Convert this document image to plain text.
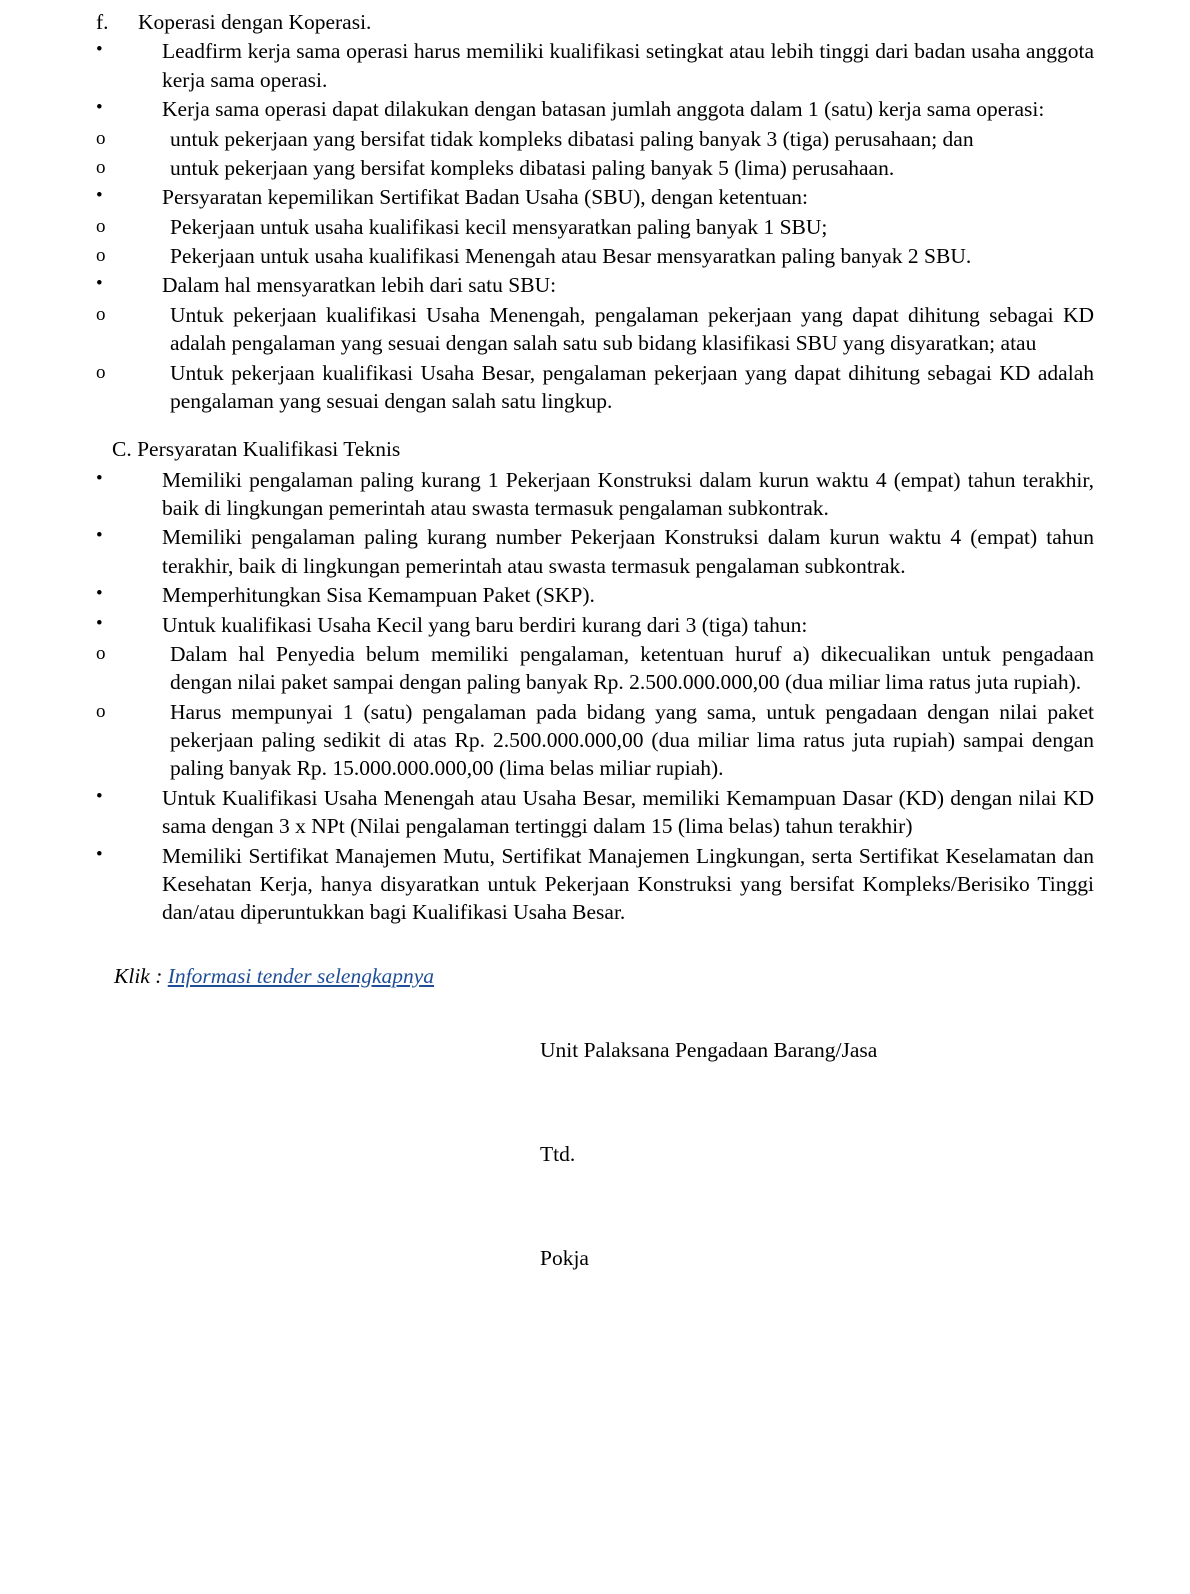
f.	Koperasi dengan Koperasi.
•	Leadfirm kerja sama operasi harus memiliki kualifikasi setingkat atau lebih tinggi dari badan usaha anggota kerja sama operasi.
•	Kerja sama operasi dapat dilakukan dengan batasan jumlah anggota dalam 1 (satu) kerja sama operasi:
o	untuk pekerjaan yang bersifat tidak kompleks dibatasi paling banyak 3 (tiga) perusahaan; dan
o	untuk pekerjaan yang bersifat kompleks dibatasi paling banyak 5 (lima) perusahaan.
•	Persyaratan kepemilikan Sertifikat Badan Usaha (SBU), dengan ketentuan:
o	Pekerjaan untuk usaha kualifikasi kecil mensyaratkan paling banyak 1 SBU;
o	Pekerjaan untuk usaha kualifikasi Menengah atau Besar mensyaratkan paling banyak 2 SBU.
•	Dalam hal mensyaratkan lebih dari satu SBU:
o	Untuk pekerjaan kualifikasi Usaha Menengah, pengalaman pekerjaan yang dapat dihitung sebagai KD adalah pengalaman yang sesuai dengan salah satu sub bidang klasifikasi SBU yang disyaratkan; atau
o	Untuk pekerjaan kualifikasi Usaha Besar, pengalaman pekerjaan yang dapat dihitung sebagai KD adalah pengalaman yang sesuai dengan salah satu lingkup.
C. Persyaratan Kualifikasi Teknis
•	Memiliki pengalaman paling kurang 1 Pekerjaan Konstruksi dalam kurun waktu 4 (empat) tahun terakhir, baik di lingkungan pemerintah atau swasta termasuk pengalaman subkontrak.
•	Memiliki pengalaman paling kurang number Pekerjaan Konstruksi dalam kurun waktu 4 (empat) tahun terakhir, baik di lingkungan pemerintah atau swasta termasuk pengalaman subkontrak.
•	Memperhitungkan Sisa Kemampuan Paket (SKP).
•	Untuk kualifikasi Usaha Kecil yang baru berdiri kurang dari 3 (tiga) tahun:
o	Dalam hal Penyedia belum memiliki pengalaman, ketentuan huruf a) dikecualikan untuk pengadaan dengan nilai paket sampai dengan paling banyak Rp. 2.500.000.000,00 (dua miliar lima ratus juta rupiah).
o	Harus mempunyai 1 (satu) pengalaman pada bidang yang sama, untuk pengadaan dengan nilai paket pekerjaan paling sedikit di atas Rp. 2.500.000.000,00 (dua miliar lima ratus juta rupiah) sampai dengan paling banyak Rp. 15.000.000.000,00 (lima belas miliar rupiah).
•	Untuk Kualifikasi Usaha Menengah atau Usaha Besar, memiliki Kemampuan Dasar (KD) dengan nilai KD sama dengan 3 x NPt (Nilai pengalaman tertinggi dalam 15 (lima belas) tahun terakhir)
•	Memiliki Sertifikat Manajemen Mutu, Sertifikat Manajemen Lingkungan, serta Sertifikat Keselamatan dan Kesehatan Kerja, hanya disyaratkan untuk Pekerjaan Konstruksi yang bersifat Kompleks/Berisiko Tinggi dan/atau diperuntukkan bagi Kualifikasi Usaha Besar.
Klik : Informasi tender selengkapnya
Unit Palaksana Pengadaan Barang/Jasa
Ttd.
Pokja
